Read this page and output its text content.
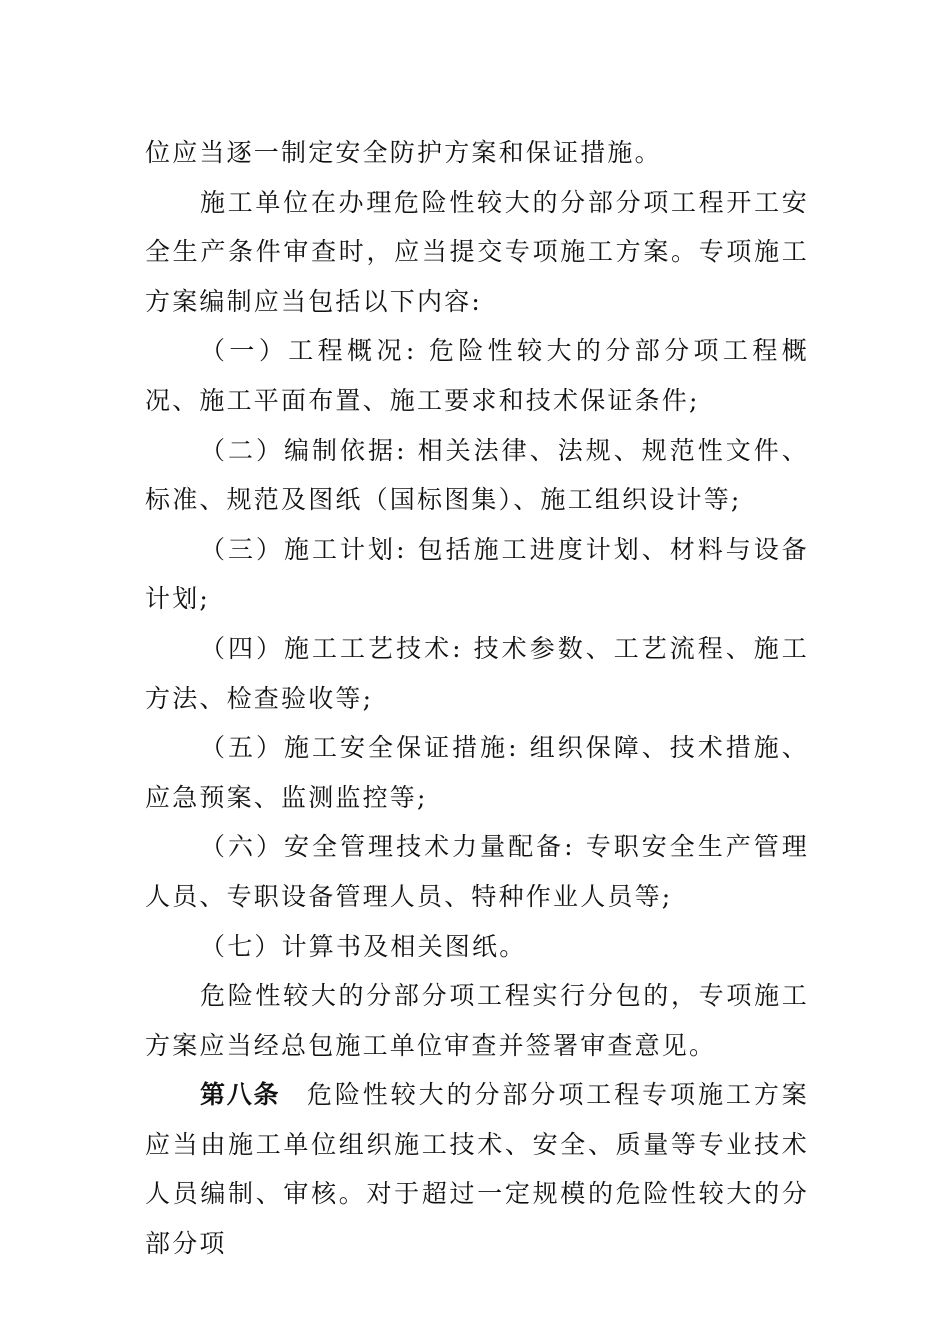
位应当逐一制定安全防护方案和保证措施。

施工单位在办理危险性较大的分部分项工程开工安全生产条件审查时，应当提交专项施工方案。专项施工方案编制应当包括以下内容:

（一）工程概况: 危险性较大的分部分项工程概况、施工平面布置、施工要求和技术保证条件;

（二）编制依据: 相关法律、法规、规范性文件、标准、规范及图纸（国标图集）、施工组织设计等;

（三）施工计划: 包括施工进度计划、材料与设备计划;

（四）施工工艺技术: 技术参数、工艺流程、施工方法、检查验收等;

（五）施工安全保证措施: 组织保障、技术措施、应急预案、监测监控等;

（六）安全管理技术力量配备: 专职安全生产管理人员、专职设备管理人员、特种作业人员等;

（七）计算书及相关图纸。

危险性较大的分部分项工程实行分包的，专项施工方案应当经总包施工单位审查并签署审查意见。

第八条 危险性较大的分部分项工程专项施工方案应当由施工单位组织施工技术、安全、质量等专业技术人员编制、审核。对于超过一定规模的危险性较大的分部分项
